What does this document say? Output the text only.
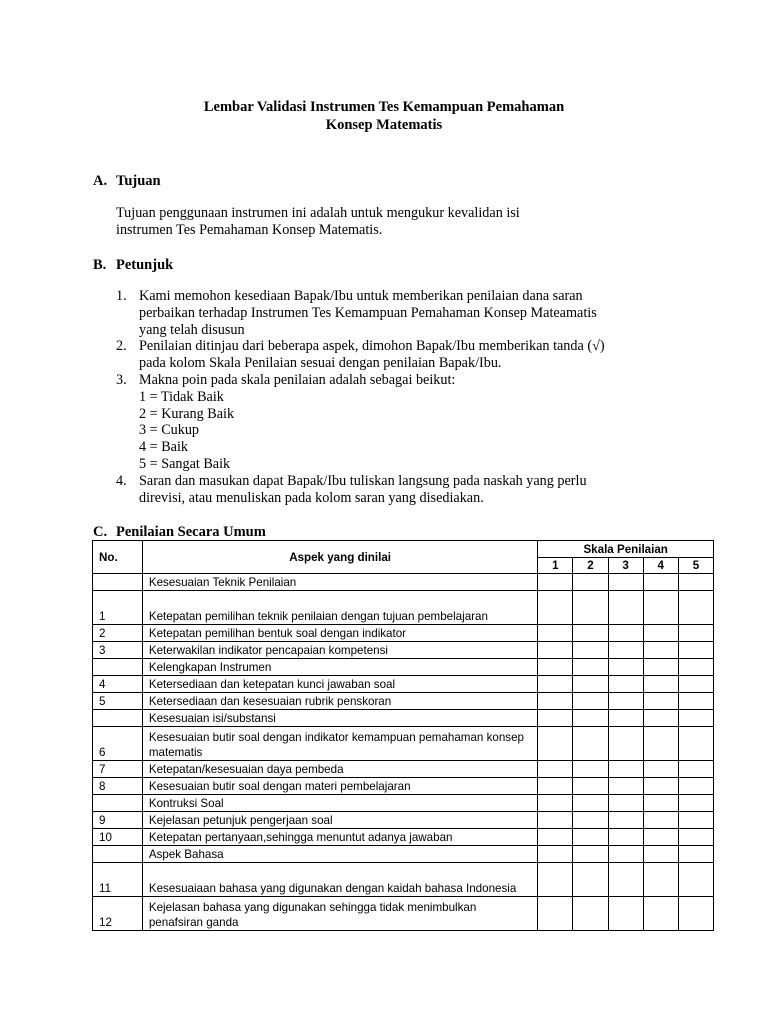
Lembar Validasi Instrumen Tes Kemampuan Pemahaman
Konsep Matematis
A. Tujuan
Tujuan penggunaan instrumen ini adalah untuk mengukur kevalidan isi instrumen Tes Pemahaman Konsep Matematis.
B. Petunjuk
1. Kami memohon kesediaan Bapak/Ibu untuk memberikan penilaian dana saran perbaikan terhadap Instrumen Tes Kemampuan Pemahaman Konsep Mateamatis yang telah disusun
2. Penilaian ditinjau dari beberapa aspek, dimohon Bapak/Ibu memberikan tanda (√) pada kolom Skala Penilaian sesuai dengan penilaian Bapak/Ibu.
3. Makna poin pada skala penilaian adalah sebagai beikut:
1 = Tidak Baik
2 = Kurang Baik
3 = Cukup
4 = Baik
5 = Sangat Baik
4. Saran dan masukan dapat Bapak/Ibu tuliskan langsung pada naskah yang perlu direvisi, atau menuliskan pada kolom saran yang disediakan.
C. Penilaian Secara Umum
No.	Aspek yang dinilai	Skala Penilaian				
		1	2	3	4	5
	Kesesuaian Teknik Penilaian					
1	Ketepatan pemilihan teknik penilaian dengan tujuan pembelajaran					
2	Ketepatan pemilihan bentuk soal dengan indikator					
3	Keterwakilan indikator pencapaian kompetensi					
	Kelengkapan Instrumen					
4	Ketersediaan dan ketepatan kunci jawaban soal					
5	Ketersediaan dan kesesuaian rubrik penskoran					
	Kesesuaian isi/substansi					
6	Kesesuaian butir soal dengan indikator kemampuan pemahaman konsep matematis					
7	Ketepatan/kesesuaian daya pembeda					
8	Kesesuaian butir soal dengan materi pembelajaran					
	Kontruksi Soal					
9	Kejelasan petunjuk pengerjaan soal					
10	Ketepatan pertanyaan,sehingga menuntut adanya jawaban					
	Aspek Bahasa					
11	Kesesuaiaan bahasa yang digunakan dengan kaidah bahasa Indonesia					
12	Kejelasan bahasa yang digunakan sehingga tidak menimbulkan penafsiran ganda					
